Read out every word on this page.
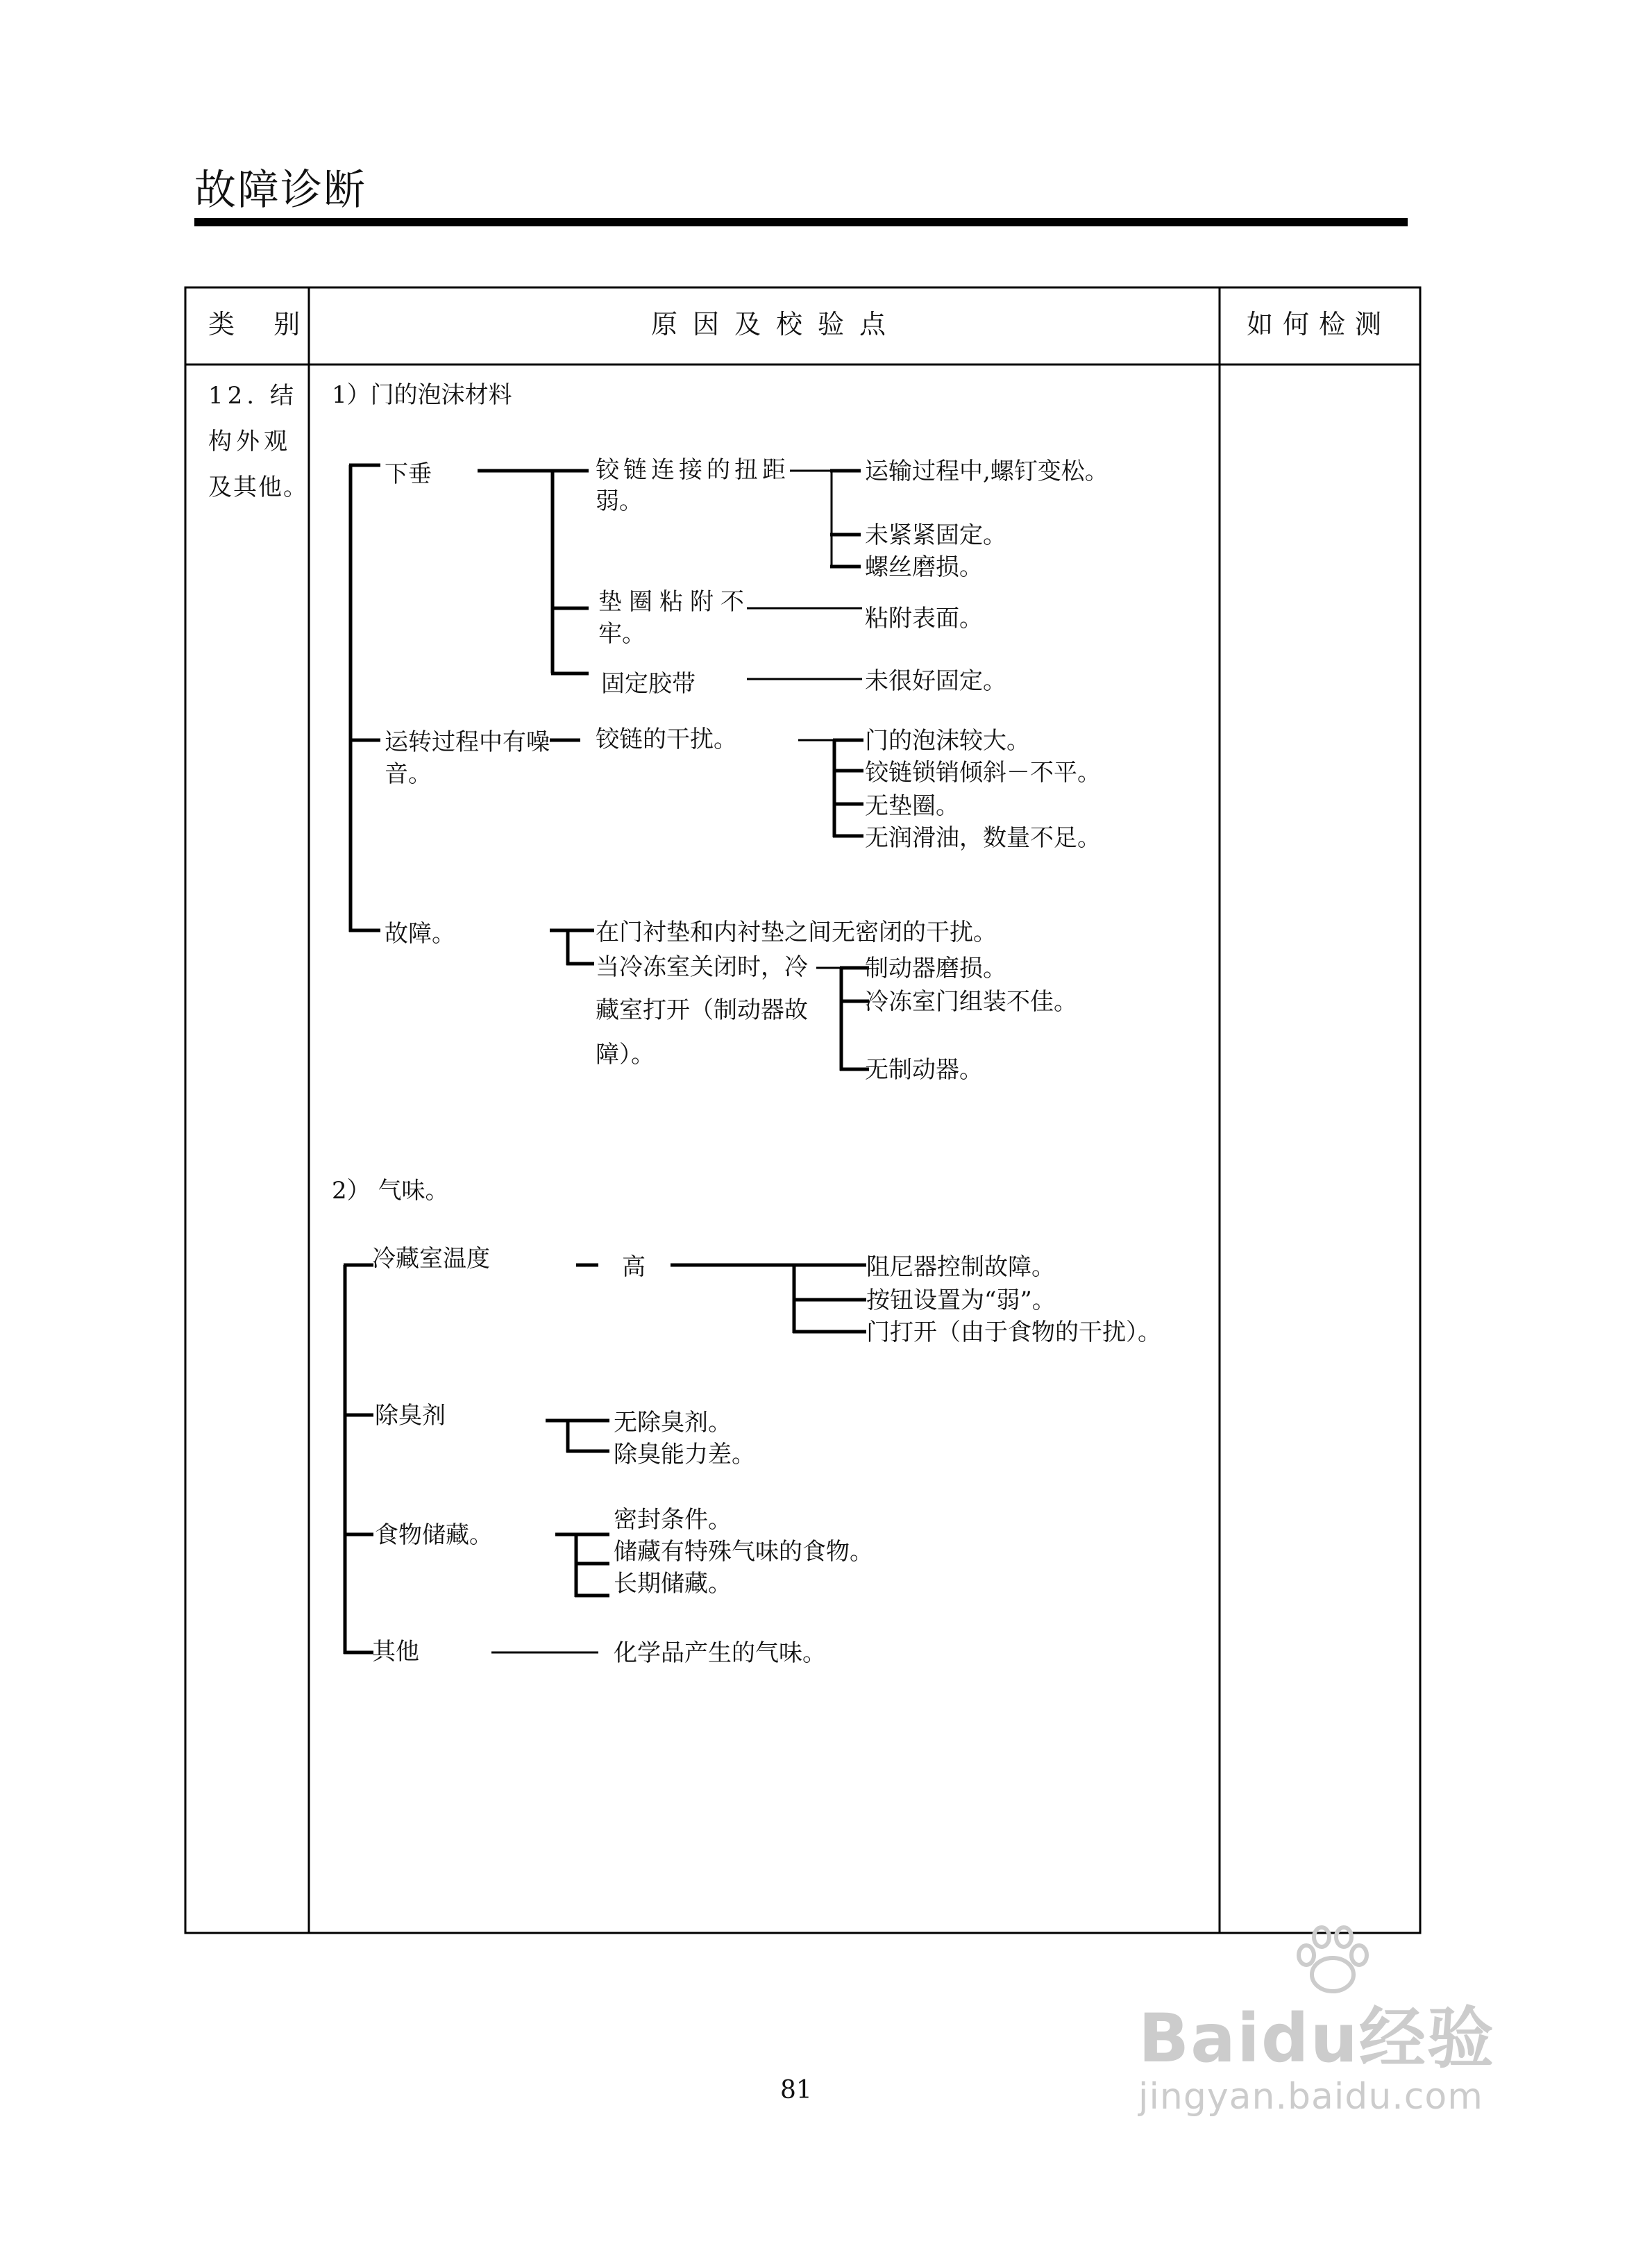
故障诊断
类 别	原因及校验点	如何检测
12. 结
构外观
及其他。
1）门的泡沫材料
下垂	铰链连接的扭距
弱。
运输过程中,螺钉变松。
未紧紧固定。
螺丝磨损。
垫圈粘附不
牢。
粘附表面。
固定胶带	未很好固定。
运转过程中有噪
音。
铰链的干扰。	门的泡沫较大。
铰链锁销倾斜－不平。
无垫圈。
无润滑油，数量不足。
故障。	在门衬垫和内衬垫之间无密闭的干扰。
当冷冻室关闭时，冷
藏室打开（制动器故
障）。
制动器磨损。
冷冻室门组装不佳。
无制动器。
2） 气味。
冷藏室温度	高	阻尼器控制故障。
按钮设置为“弱”。
门打开（由于食物的干扰）。
除臭剂	无除臭剂。
除臭能力差。
食物储藏。
密封条件。
储藏有特殊气味的食物。
长期储藏。
其他	化学品产生的气味。
81
Baidu经验
jingyan.baidu.com
